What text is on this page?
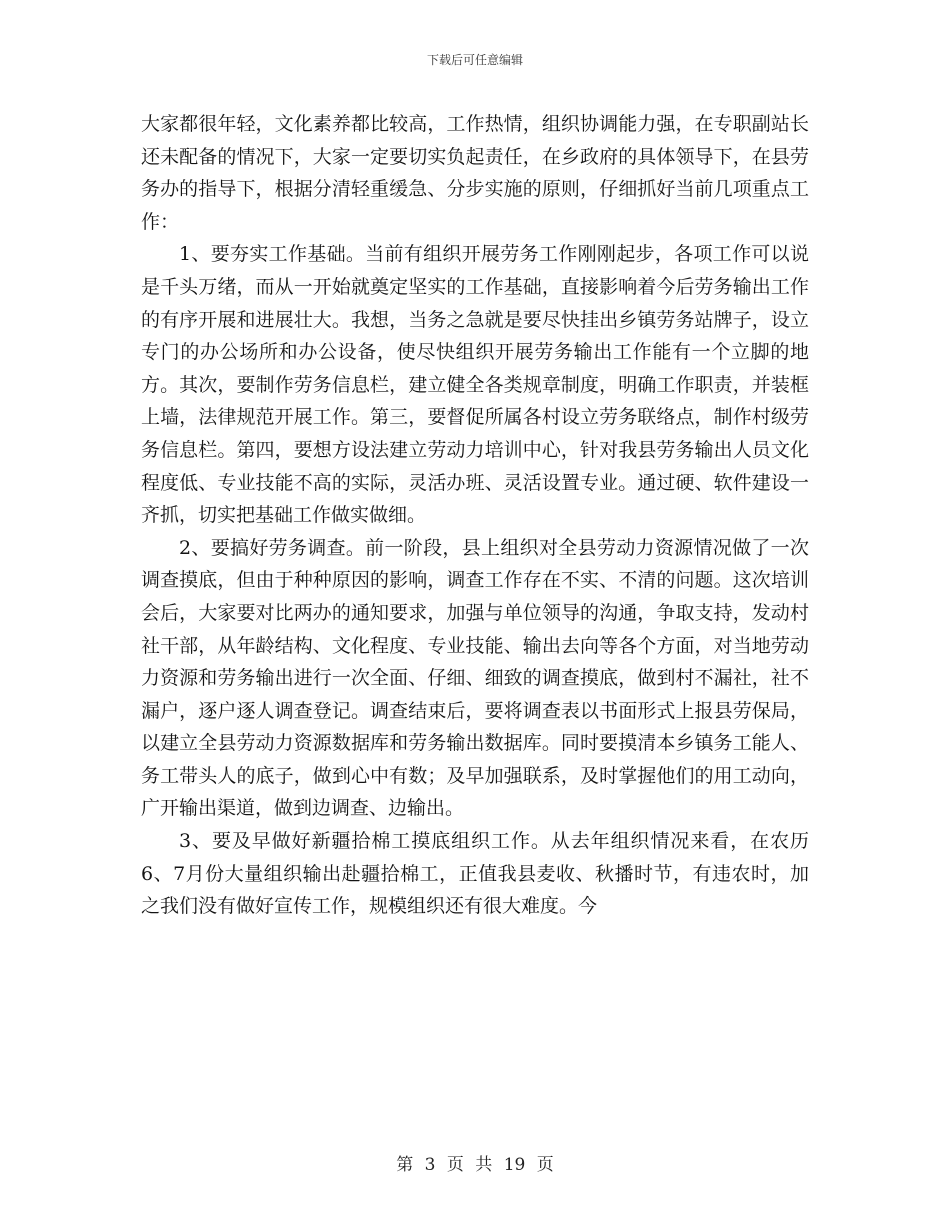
下载后可任意编辑

大家都很年轻，文化素养都比较高，工作热情，组织协调能力强，在专职副站长还未配备的情况下，大家一定要切实负起责任，在乡政府的具体领导下，在县劳务办的指导下，根据分清轻重缓急、分步实施的原则，仔细抓好当前几项重点工作：

1、要夯实工作基础。当前有组织开展劳务工作刚刚起步，各项工作可以说是千头万绪，而从一开始就奠定坚实的工作基础，直接影响着今后劳务输出工作的有序开展和进展壮大。我想，当务之急就是要尽快挂出乡镇劳务站牌子，设立专门的办公场所和办公设备，使尽快组织开展劳务输出工作能有一个立脚的地方。其次，要制作劳务信息栏，建立健全各类规章制度，明确工作职责，并装框上墙，法律规范开展工作。第三，要督促所属各村设立劳务联络点，制作村级劳务信息栏。第四，要想方设法建立劳动力培训中心，针对我县劳务输出人员文化程度低、专业技能不高的实际，灵活办班、灵活设置专业。通过硬、软件建设一齐抓，切实把基础工作做实做细。

2、要搞好劳务调查。前一阶段，县上组织对全县劳动力资源情况做了一次调查摸底，但由于种种原因的影响，调查工作存在不实、不清的问题。这次培训会后，大家要对比两办的通知要求，加强与单位领导的沟通，争取支持，发动村社干部，从年龄结构、文化程度、专业技能、输出去向等各个方面，对当地劳动力资源和劳务输出进行一次全面、仔细、细致的调查摸底，做到村不漏社，社不漏户，逐户逐人调查登记。调查结束后，要将调查表以书面形式上报县劳保局，以建立全县劳动力资源数据库和劳务输出数据库。同时要摸清本乡镇务工能人、务工带头人的底子，做到心中有数；及早加强联系，及时掌握他们的用工动向，广开输出渠道，做到边调查、边输出。

3、要及早做好新疆拾棉工摸底组织工作。从去年组织情况来看，在农历6、7月份大量组织输出赴疆拾棉工，正值我县麦收、秋播时节，有违农时，加之我们没有做好宣传工作，规模组织还有很大难度。今

第 3 页 共 19 页
